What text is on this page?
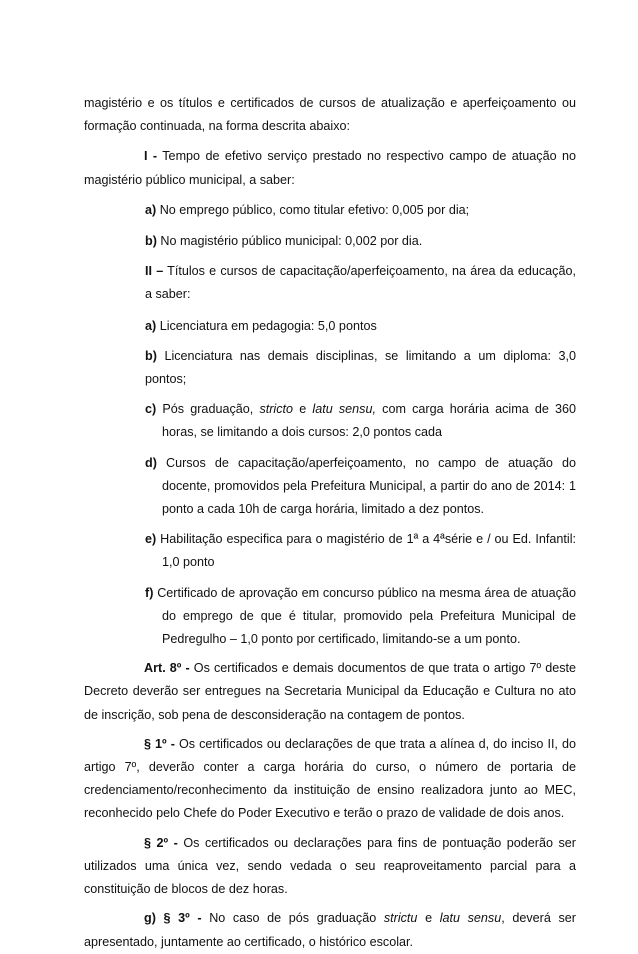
magistério e os títulos e certificados de cursos de atualização e aperfeiçoamento ou formação continuada, na forma descrita abaixo:

I - Tempo de efetivo serviço prestado no respectivo campo de atuação no magistério público municipal, a saber:

a) No emprego público, como titular efetivo: 0,005 por dia;

b) No magistério público municipal: 0,002 por dia.

II – Títulos e cursos de capacitação/aperfeiçoamento, na área da educação, a saber:

a) Licenciatura em pedagogia: 5,0 pontos

b) Licenciatura nas demais disciplinas, se limitando a um diploma: 3,0 pontos;

c) Pós graduação, stricto e latu sensu, com carga horária acima de 360 horas, se limitando a dois cursos: 2,0 pontos cada

d) Cursos de capacitação/aperfeiçoamento, no campo de atuação do docente, promovidos pela Prefeitura Municipal, a partir do ano de 2014: 1 ponto a cada 10h de carga horária, limitado a dez pontos.

e) Habilitação especifica para o magistério de 1ª a 4ªsérie e / ou Ed. Infantil: 1,0 ponto

f) Certificado de aprovação em concurso público na mesma área de atuação do emprego de que é titular, promovido pela Prefeitura Municipal de Pedregulho – 1,0 ponto por certificado, limitando-se a um ponto.

Art. 8º - Os certificados e demais documentos de que trata o artigo 7º deste Decreto deverão ser entregues na Secretaria Municipal da Educação e Cultura no ato de inscrição, sob pena de desconsideração na contagem de pontos.

§ 1º - Os certificados ou declarações de que trata a alínea d, do inciso II, do artigo 7º, deverão conter a carga horária do curso, o número de portaria de credenciamento/reconhecimento da instituição de ensino realizadora junto ao MEC, reconhecido pelo Chefe do Poder Executivo e terão o prazo de validade de dois anos.

§ 2º - Os certificados ou declarações para fins de pontuação poderão ser utilizados uma única vez, sendo vedada o seu reaproveitamento parcial para a constituição de blocos de dez horas.

g) § 3º - No caso de pós graduação strictu e latu sensu, deverá ser apresentado, juntamente ao certificado, o histórico escolar.
